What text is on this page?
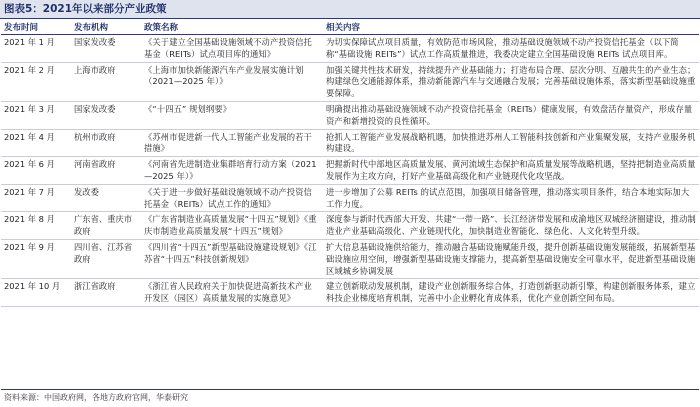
图表5：2021年以来部分产业政策
发布时间	发布机构	政策名称	相关内容
2021 年 1 月	国家发改委	《关于建立全国基础设施领域不动产投资信托基金（REITs）试点项目库的通知》	为切实保障试点项目质量，有效防范市场风险，推动基础设施领域不动产投资信托基金（以下简称“基础设施 REITs”）试点工作高质量推进，我委决定建立全国基础设施 REITs 试点项目库。
2021 年 2 月	上海市政府	《上海市加快新能源汽车产业发展实施计划（2021—2025 年）》	加强关键共性技术研发，持续提升产业基础能力；打造布局合理、层次分明、互融共生的产业生态；构建绿色交通能源体系，推动新能源汽车与交通融合发展；完善基础设施体系，落实新型基础设施重要保障。
2021 年 3 月	国家发改委	《“十四五” 规划纲要》	明确提出推动基础设施领域不动产投资信托基金（REITs）健康发展，有效盘活存量资产，形成存量资产和新增投资的良性循环。
2021 年 4 月	杭州市政府	《苏州市促进新一代人工智能产业发展的若干措施》	抢抓人工智能产业发展战略机遇，加快推进苏州人工智能科技创新和产业集聚发展，支持产业服务机构建设。
2021 年 6 月	河南省政府	《河南省先进制造业集群培育行动方案（2021—2025 年）》	把握新时代中部地区高质量发展、黄河流域生态保护和高质量发展等战略机遇，坚持把制造业高质量发展作为主攻方向，打好产业基础高级化和产业链现代化攻坚战。
2021 年 7 月	发改委	《关于进一步做好基础设施领域不动产投资信托基金（REITs）试点工作的通知》	进一步增加了公募 REITs 的试点范围，加强项目储备管理，推动落实项目条件，结合本地实际加大工作力度。
2021 年 8 月	广东省、重庆市政府	《广东省制造业高质量发展“十四五”规划》《重庆市制造业高质量发展“十四五”规划》	深度参与新时代西部大开发、共建“一带一路”、长江经济带发展和成渝地区双城经济圈建设，推动制造业产业基础高级化、产业链现代化，加快制造业智能化、绿色化、人文化转型升级。
2021 年 9 月	四川省、江苏省政府	《四川省“十四五”新型基础设施建设规划》《江苏省“十四五”科技创新规划》	扩大信息基础设施供给能力，推动融合基础设施赋能升级，提升创新基础设施发展能级，拓展新型基础设施应用空间，增强新型基础设施支撑能力，提高新型基础设施安全可靠水平，促进新型基础设施区域城乡协调发展
2021 年 10 月	浙江省政府	《浙江省人民政府关于加快促进高新技术产业开发区（园区）高质量发展的实施意见》	建立创新联动发展机制，建设产业创新服务综合体，打造创新驱动新引擎，构建创新服务体系，建立科技企业梯度培育机制，完善中小企业孵化育成体系，优化产业创新空间布局。
资料来源：中国政府网，各地方政府官网，华泰研究
